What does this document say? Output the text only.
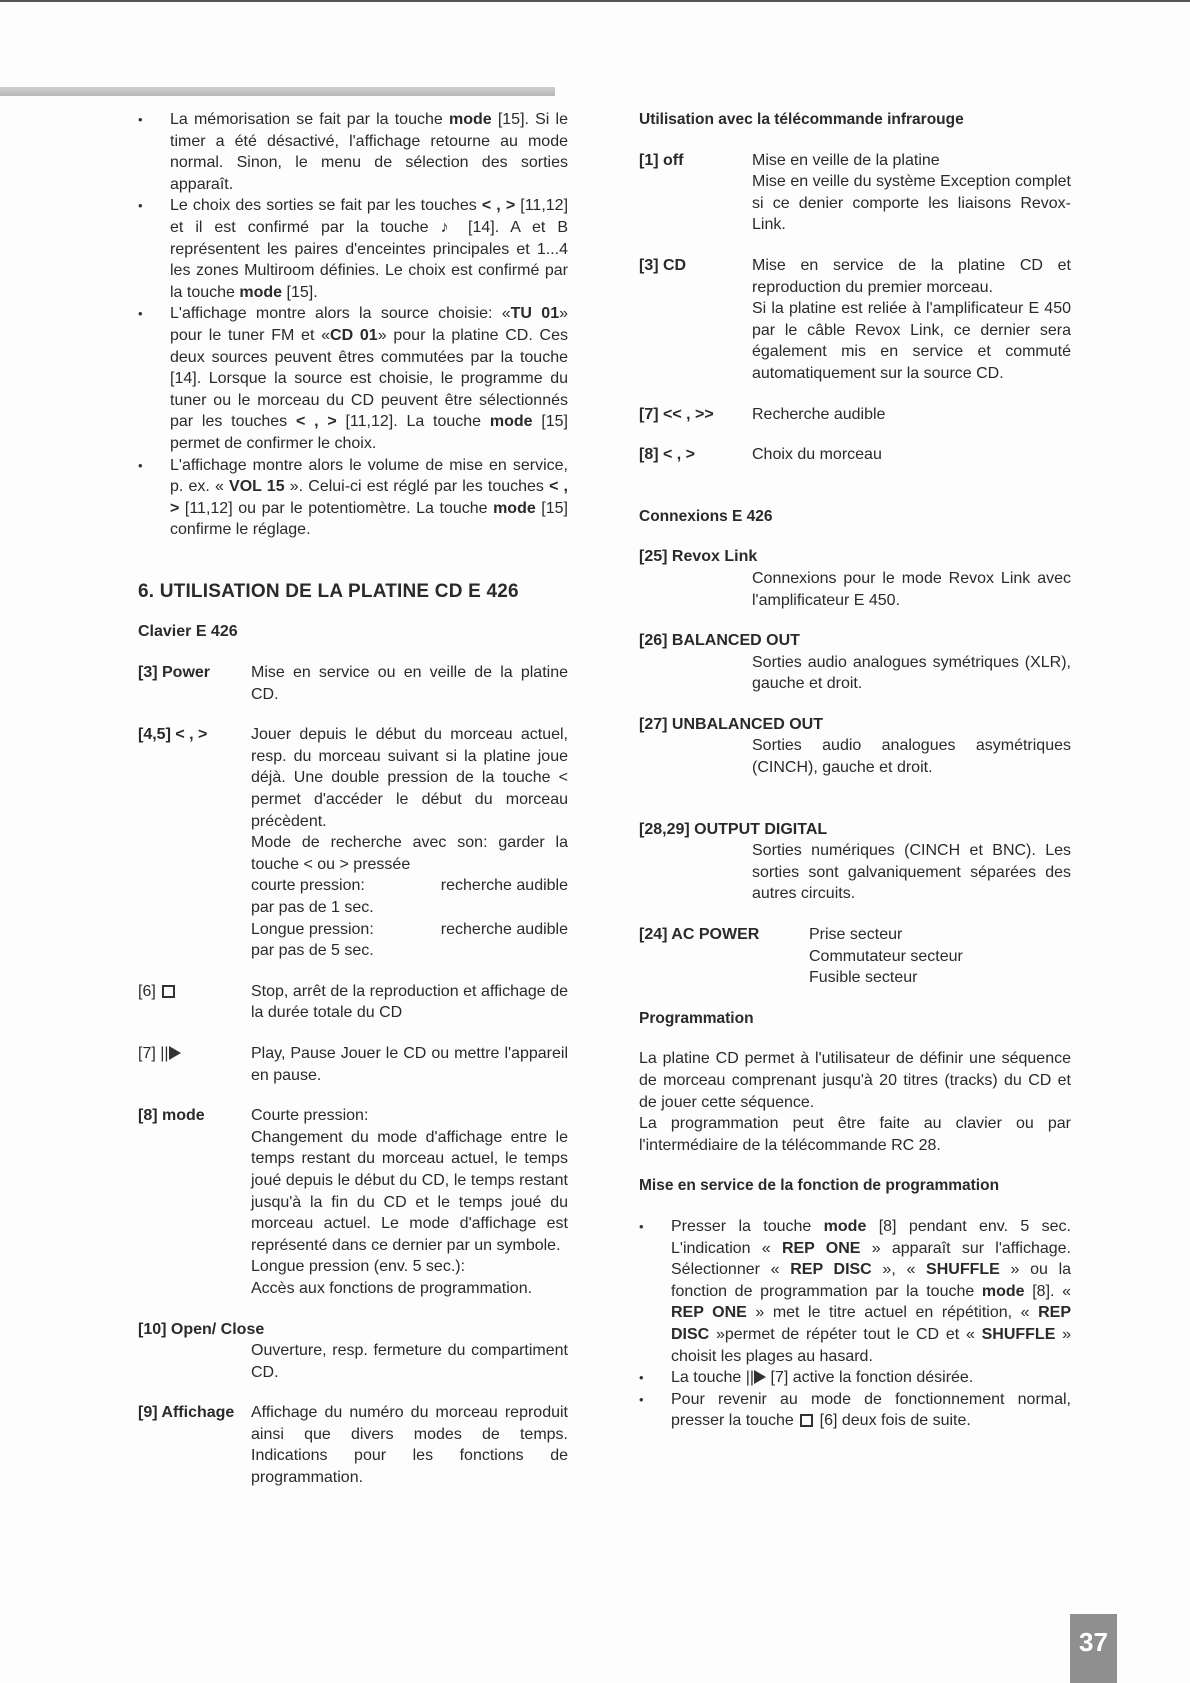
• La mémorisation se fait par la touche mode [15]. Si le timer a été désactivé, l'affichage retourne au mode normal. Sinon, le menu de sélection des sorties apparaît.
• Le choix des sorties se fait par les touches < , > [11,12] et il est confirmé par la touche ♪ [14]. A et B représentent les paires d'enceintes principales et 1...4 les zones Multiroom définies. Le choix est confirmé par la touche mode [15].
• L'affichage montre alors la source choisie: «TU 01» pour le tuner FM et «CD 01» pour la platine CD. Ces deux sources peuvent êtres commutées par la touche [14]. Lorsque la source est choisie, le programme du tuner ou le morceau du CD peuvent être sélectionnés par les touches < , > [11,12]. La touche mode [15] permet de confirmer le choix.
• L'affichage montre alors le volume de mise en service, p. ex. « VOL 15 ». Celui-ci est réglé par les touches < , > [11,12] ou par le potentiomètre. La touche mode [15] confirme le réglage.
6. UTILISATION DE LA PLATINE CD E 426
Clavier E 426
[3] Power	Mise en service ou en veille de la platine CD.
[4,5] < , >	Jouer depuis le début du morceau actuel, resp. du morceau suivant si la platine joue déjà. Une double pression de la touche < permet d'accéder le début du morceau précèdent.

Mode de recherche avec son: garder la touche < ou > pressée

courte pression:	recherche audible

par pas de 1 sec.

Longue pression:	recherche audible

par pas de 5 sec.

[6]	Stop, arrêt de la reproduction et affichage de la durée totale du CD
[7] ||	Play, Pause Jouer le CD ou mettre l'appareil en pause.
[8] mode	Courte pression:

Changement du mode d'affichage entre le temps restant du morceau actuel, le temps joué depuis le début du CD, le temps restant jusqu'à la fin du CD et le temps joué du morceau actuel. Le mode d'affichage est représenté dans ce dernier par un symbole.

Longue pression (env. 5 sec.):

Accès aux fonctions de programmation.

[10] Open/ Close
Ouverture, resp. fermeture du compartiment CD.
[9] Affichage	Affichage du numéro du morceau reproduit ainsi que divers modes de temps. Indications pour les fonctions de programmation.
Utilisation avec la télécommande infrarouge
[1] off	Mise en veille de la platine

Mise en veille du système Exception complet si ce denier comporte les liaisons Revox-Link.

[3] CD	Mise en service de la platine CD et reproduction du premier morceau.

Si la platine est reliée à l'amplificateur E 450 par le câble Revox Link, ce dernier sera également mis en service et commuté automatiquement sur la source CD.

[7] << , >>	Recherche audible
[8] < , >	Choix du morceau
Connexions E 426
[25] Revox Link
Connexions pour le mode Revox Link avec l'amplificateur E 450.
[26] BALANCED OUT
Sorties audio analogues symétriques (XLR), gauche et droit.
[27] UNBALANCED OUT
Sorties audio analogues asymétriques (CINCH), gauche et droit.
[28,29] OUTPUT DIGITAL
Sorties numériques (CINCH et BNC). Les sorties sont galvaniquement séparées des autres circuits.
[24] AC POWER	Prise secteur

Commutateur secteur

Fusible secteur

Programmation

La platine CD permet à l'utilisateur de définir une séquence de morceau comprenant jusqu'à 20 titres (tracks) du CD et de jouer cette séquence.

La programmation peut être faite au clavier ou par l'intermédiaire de la télécommande RC 28.

Mise en service de la fonction de programmation
• Presser la touche mode [8] pendant env. 5 sec. L'indication « REP ONE » apparaît sur l'affichage. Sélectionner « REP DISC », « SHUFFLE » ou la fonction de programmation par la touche mode [8]. « REP ONE » met le titre actuel en répétition, « REP DISC »permet de répéter tout le CD et « SHUFFLE » choisit les plages au hasard.
• La touche || [7] active la fonction désirée.
• Pour revenir au mode de fonctionnement normal, presser la touche  [6] deux fois de suite.
37
